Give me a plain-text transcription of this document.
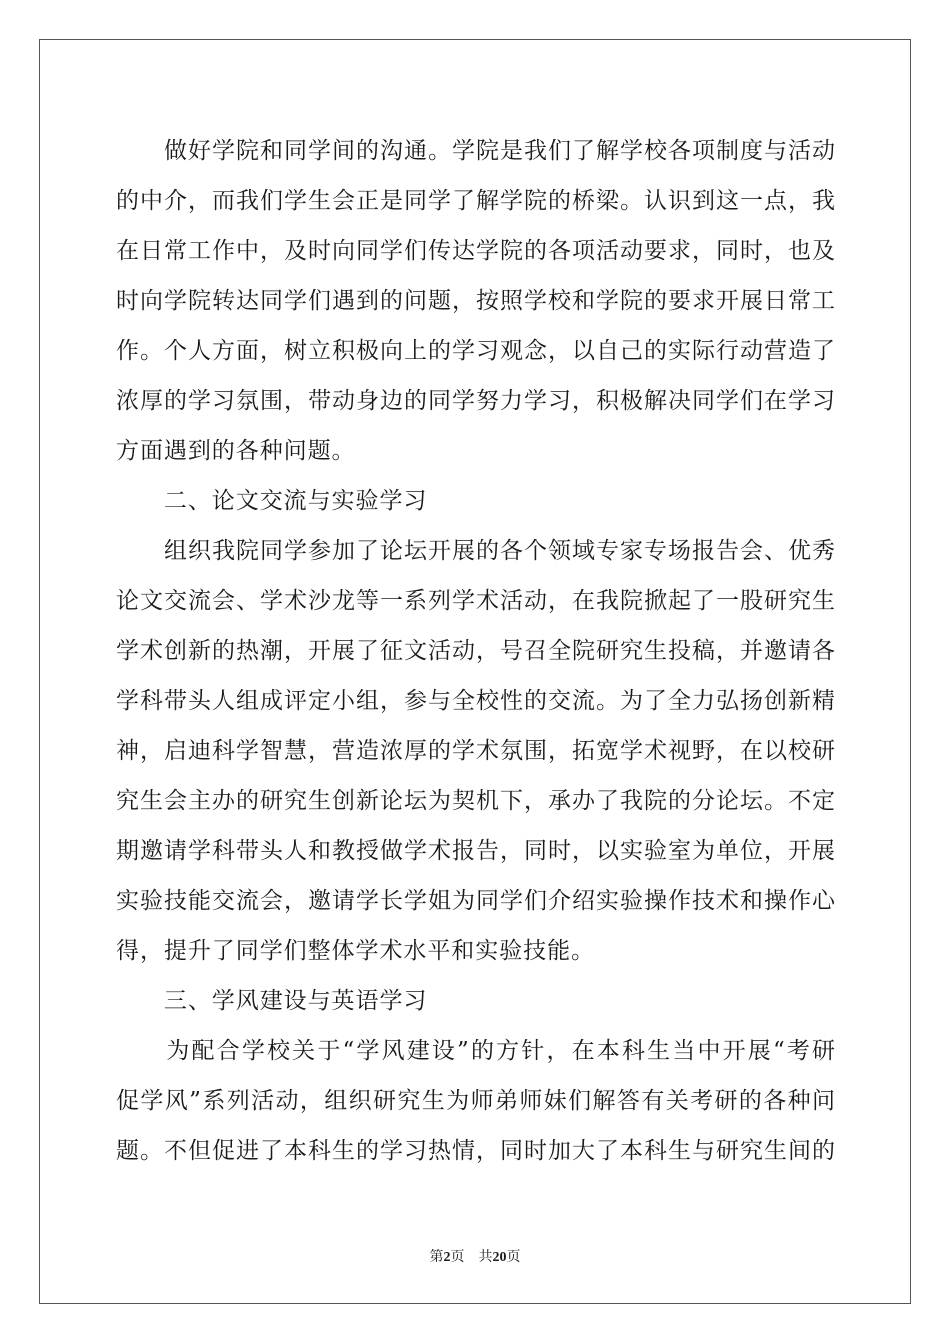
　　做好学院和同学间的沟通。学院是我们了解学校各项制度与活动
的中介，而我们学生会正是同学了解学院的桥梁。认识到这一点，我
在日常工作中，及时向同学们传达学院的各项活动要求，同时，也及
时向学院转达同学们遇到的问题，按照学校和学院的要求开展日常工
作。个人方面，树立积极向上的学习观念，以自己的实际行动营造了
浓厚的学习氛围，带动身边的同学努力学习，积极解决同学们在学习
方面遇到的各种问题。
　　二、论文交流与实验学习
　　组织我院同学参加了论坛开展的各个领域专家专场报告会、优秀
论文交流会、学术沙龙等一系列学术活动，在我院掀起了一股研究生
学术创新的热潮，开展了征文活动，号召全院研究生投稿，并邀请各
学科带头人组成评定小组，参与全校性的交流。为了全力弘扬创新精
神，启迪科学智慧，营造浓厚的学术氛围，拓宽学术视野，在以校研
究生会主办的研究生创新论坛为契机下，承办了我院的分论坛。不定
期邀请学科带头人和教授做学术报告，同时，以实验室为单位，开展
实验技能交流会，邀请学长学姐为同学们介绍实验操作技术和操作心
得，提升了同学们整体学术水平和实验技能。
　　三、学风建设与英语学习
　　为配合学校关于“学风建设”的方针，在本科生当中开展“考研
促学风”系列活动，组织研究生为师弟师妹们解答有关考研的各种问
题。不但促进了本科生的学习热情，同时加大了本科生与研究生间的
第2页 共20页
